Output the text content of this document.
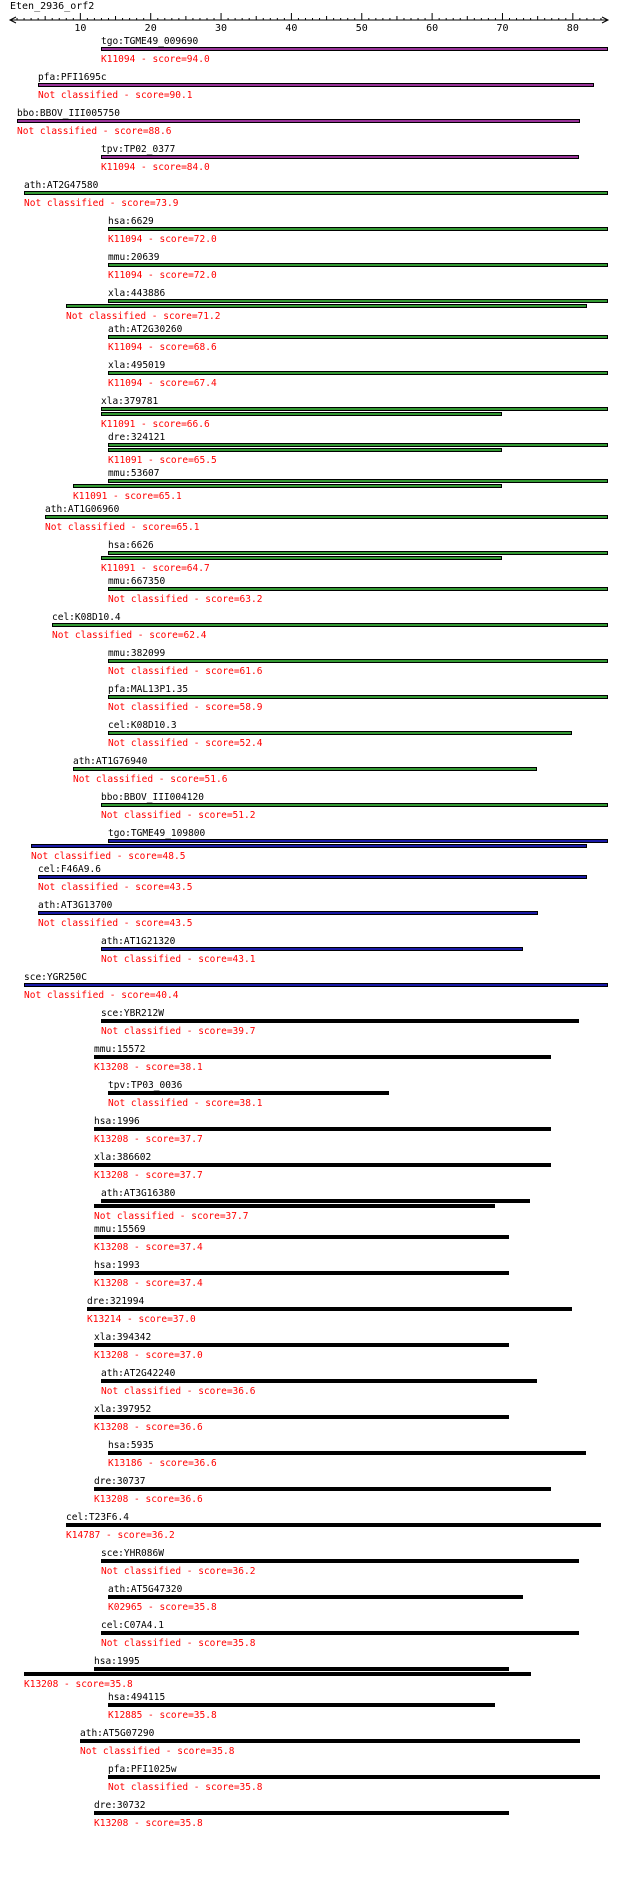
Eten_2936_orf2
10	20	30	40	50	60	70	80
tgo:TGME49_009690
K11094 - score=94.0
pfa:PFI1695c
Not classified - score=90.1
bbo:BBOV_III005750
Not classified - score=88.6
tpv:TP02_0377
K11094 - score=84.0
ath:AT2G47580
Not classified - score=73.9
hsa:6629
K11094 - score=72.0
mmu:20639
K11094 - score=72.0
xla:443886
Not classified - score=71.2
ath:AT2G30260
K11094 - score=68.6
xla:495019
K11094 - score=67.4
xla:379781
K11091 - score=66.6
dre:324121
K11091 - score=65.5
mmu:53607
K11091 - score=65.1
ath:AT1G06960
Not classified - score=65.1
hsa:6626
K11091 - score=64.7
mmu:667350
Not classified - score=63.2
cel:K08D10.4
Not classified - score=62.4
mmu:382099
Not classified - score=61.6
pfa:MAL13P1.35
Not classified - score=58.9
cel:K08D10.3
Not classified - score=52.4
ath:AT1G76940
Not classified - score=51.6
bbo:BBOV_III004120
Not classified - score=51.2
tgo:TGME49_109800
Not classified - score=48.5
cel:F46A9.6
Not classified - score=43.5
ath:AT3G13700
Not classified - score=43.5
ath:AT1G21320
Not classified - score=43.1
sce:YGR250C
Not classified - score=40.4
sce:YBR212W
Not classified - score=39.7
mmu:15572
K13208 - score=38.1
tpv:TP03_0036
Not classified - score=38.1
hsa:1996
K13208 - score=37.7
xla:386602
K13208 - score=37.7
ath:AT3G16380
Not classified - score=37.7
mmu:15569
K13208 - score=37.4
hsa:1993
K13208 - score=37.4
dre:321994
K13214 - score=37.0
xla:394342
K13208 - score=37.0
ath:AT2G42240
Not classified - score=36.6
xla:397952
K13208 - score=36.6
hsa:5935
K13186 - score=36.6
dre:30737
K13208 - score=36.6
cel:T23F6.4
K14787 - score=36.2
sce:YHR086W
Not classified - score=36.2
ath:AT5G47320
K02965 - score=35.8
cel:C07A4.1
Not classified - score=35.8
hsa:1995
K13208 - score=35.8
hsa:494115
K12885 - score=35.8
ath:AT5G07290
Not classified - score=35.8
pfa:PFI1025w
Not classified - score=35.8
dre:30732
K13208 - score=35.8
